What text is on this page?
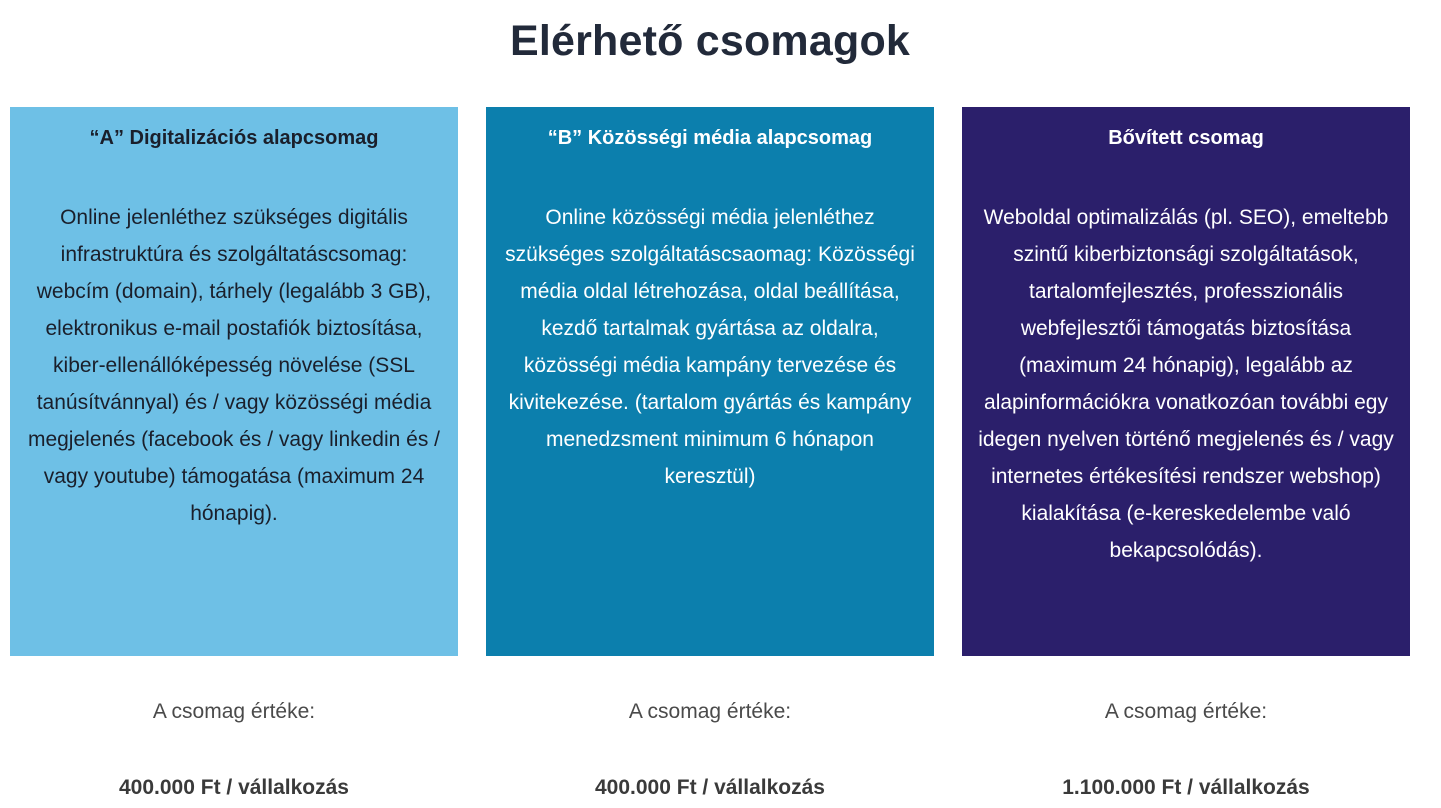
Elérhető csomagok
“A” Digitalizációs alapcsomag
Online jelenléthez szükséges digitális infrastruktúra és szolgáltatáscsomag: webcím (domain), tárhely (legalább 3 GB), elektronikus e-mail postafiók biztosítása, kiber-ellenállóképesség növelése (SSL tanúsítvánnyal) és / vagy közösségi média megjelenés (facebook és / vagy linkedin és / vagy youtube) támogatása (maximum 24 hónapig).
A csomag értéke:
400.000 Ft / vállalkozás
“B” Közösségi média alapcsomag
Online közösségi média jelenléthez szükséges szolgáltatáscsaomag: Közösségi média oldal létrehozása, oldal beállítása, kezdő tartalmak gyártása az oldalra, közösségi média kampány tervezése és kivitekezése. (tartalom gyártás és kampány menedzsment minimum 6 hónapon keresztül)
A csomag értéke:
400.000 Ft / vállalkozás
Bővített csomag
Weboldal optimalizálás (pl. SEO), emeltebb szintű kiberbiztonsági szolgáltatások, tartalomfejlesztés, professzionális webfejlesztői támogatás biztosítása (maximum 24 hónapig), legalább az alapinformációkra vonatkozóan további egy idegen nyelven történő megjelenés és / vagy internetes értékesítési rendszer webshop) kialakítása (e-kereskedelembe való bekapcsolódás).
A csomag értéke:
1.100.000 Ft / vállalkozás
